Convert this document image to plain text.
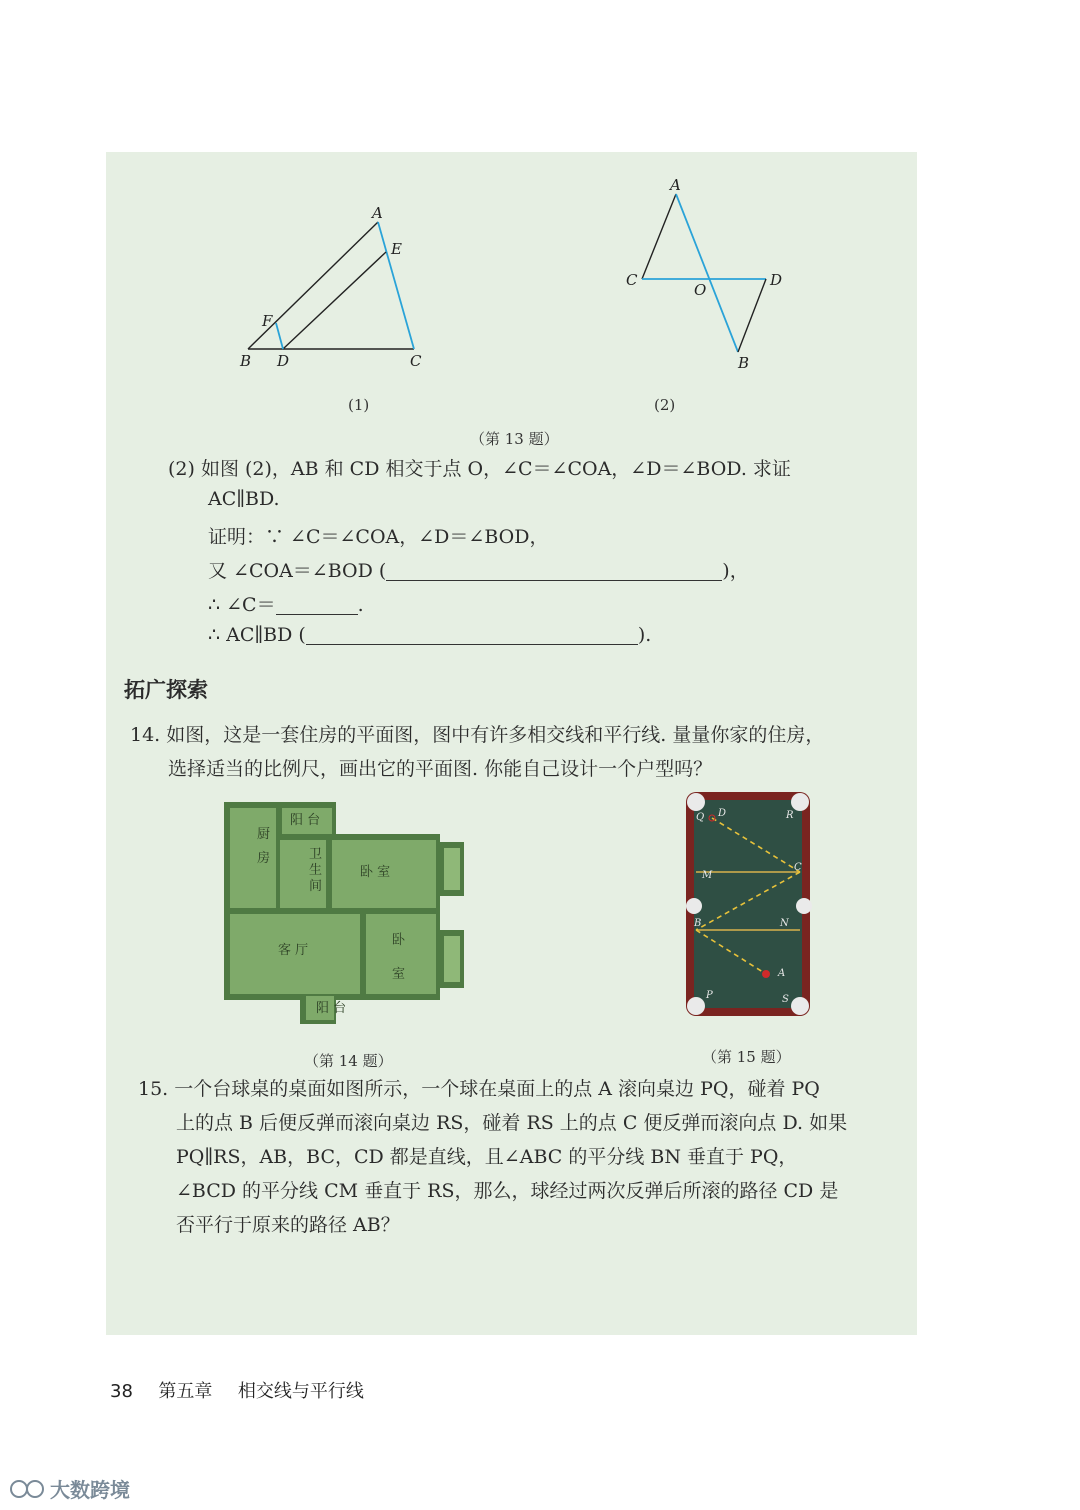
A
E
F
B D	C
(1)
A
C
O
D
B
(2)
（第 13 题）
(2) 如图 (2)，AB 和 CD 相交于点 O，∠C＝∠COA，∠D＝∠BOD. 求证
AC∥BD.
证明：∵ ∠C＝∠COA，∠D＝∠BOD，
又 ∠COA＝∠BOD (	)，
∴ ∠C＝	.
∴ AC∥BD (	).
拓广探索
14. 如图，这是一套住房的平面图，图中有许多相交线和平行线. 量量你家的住房，
选择适当的比例尺，画出它的平面图. 你能自己设计一个户型吗？
阳 台
厨
房	卫
生
间
卧 室
客 厅
卧
室
阳 台
（第 14 题）
Q D	R
M
C
B	N
A
P	S
（第 15 题）
15. 一个台球桌的桌面如图所示，一个球在桌面上的点 A 滚向桌边 PQ，碰着 PQ
上的点 B 后便反弹而滚向桌边 RS，碰着 RS 上的点 C 便反弹而滚向点 D. 如果
PQ∥RS，AB，BC，CD 都是直线，且∠ABC 的平分线 BN 垂直于 PQ，
∠BCD 的平分线 CM 垂直于 RS，那么，球经过两次反弹后所滚的路径 CD 是
否平行于原来的路径 AB？
38 第五章 相交线与平行线
大数跨境
